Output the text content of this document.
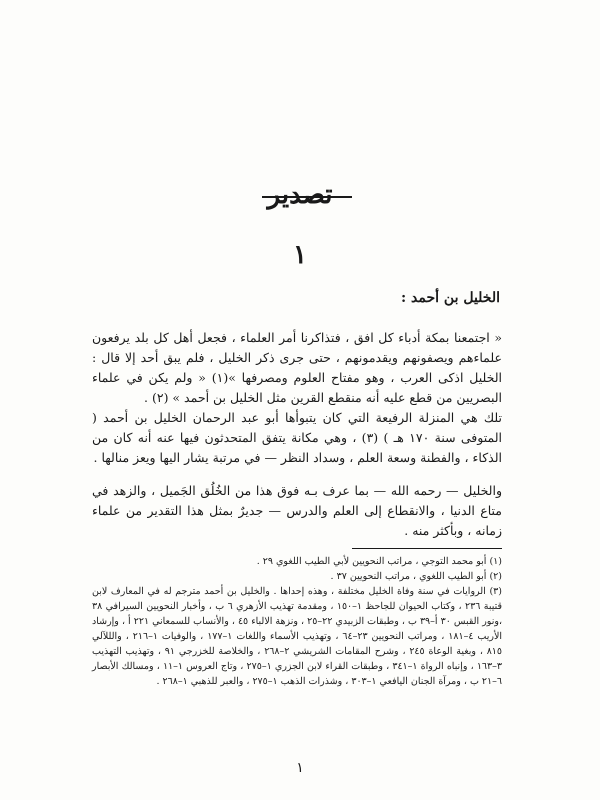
تصدير
١
الخليل بن أحمد :

« اجتمعنا بمكة أدباء كل افق ، فتذاكرنا أمر العلماء ، فجعل أهل كل بلد يرفعون علماءهم ويصفونهم ويقدمونهم ، حتى جرى ذكر الخليل ، فلم يبق أحد إلا قال : الخليل اذكى العرب ، وهو مفتاح العلوم ومصرفها »(١) « ولم يكن في علماء البصريين من قطع عليه أنه منقطع القرين مثل الخليل بن أحمد » (٢) .

تلك هي المنزلة الرفيعة التي كان يتبوأها أبو عبد الرحمان الخليل بن أحمد ( المتوفى سنة ١٧٠ هـ ) (٣) ، وهي مكانة يتفق المتحدثون فيها عنه أنه كان من الذكاء ، والفطنة وسعة العلم ، وسداد النظر — في مرتبة يشار اليها ويعز منالها .

والخليل — رحمه الله — بما عرف بـه فوق هذا من الخُلُق الجَميل ، والزهد في متاع الدنيا ، والانقطاع إلى العلم والدرس — جديرٌ بمثل هذا التقدير من علماء زمانه ، وبأكثر منه .

(١) أبو محمد التوجي ، مراتب النحويين لأبي الطيب اللغوي ٢٩ .
(٢) أبو الطيب اللغوي ، مراتب النحويين ٣٧ .
(٣) الروايات في سنة وفاة الخليل مختلفة ، وهذه إحداها . والخليل بن أحمد مترجم له في المعارف لابن قتيبة ٢٣٦ ، وكتاب الحيوان للجاحظ ١–١٥٠ ، ومقدمة تهذيب الأزهري ٦ ب ، وأخبار النحويين السيرافي ٣٨ ،ونور القبس ٣٠ أ–٣٩ ب ، وطبقات الزبيدي ٢٢–٢٥ ، ونزهة الالباء ٤٥ ، والأنساب للسمعاني ٢٢١ أ ، وإرشاد الأريب ٤–١٨١ ، ومراتب النحويين ٢٣–٦٤ ، وتهذيب الأسماء واللغات ١–١٧٧ ، والوفيات ١–٢١٦ ، والللآلي ٨١٥ ، وبغية الوعاة ٢٤٥ ، وشرح المقامات الشريشي ٢–٢٦٨ ، والخلاصة للخزرجي ٩١ ، وتهذيب التهذيب ٣–١٦٣ ، وإنباه الرواة ١–٣٤١ ، وطبقات القراء لابن الجزري ١–٢٧٥ ، وتاج العروس ١–١١ ، ومسالك الأبصار ٦–٢١ ب ، ومرآة الجنان اليافعي ١–٣٠٣ ، وشذرات الذهب ١–٢٧٥ ، والعبر للذهبي ١–٢٦٨ .
١
